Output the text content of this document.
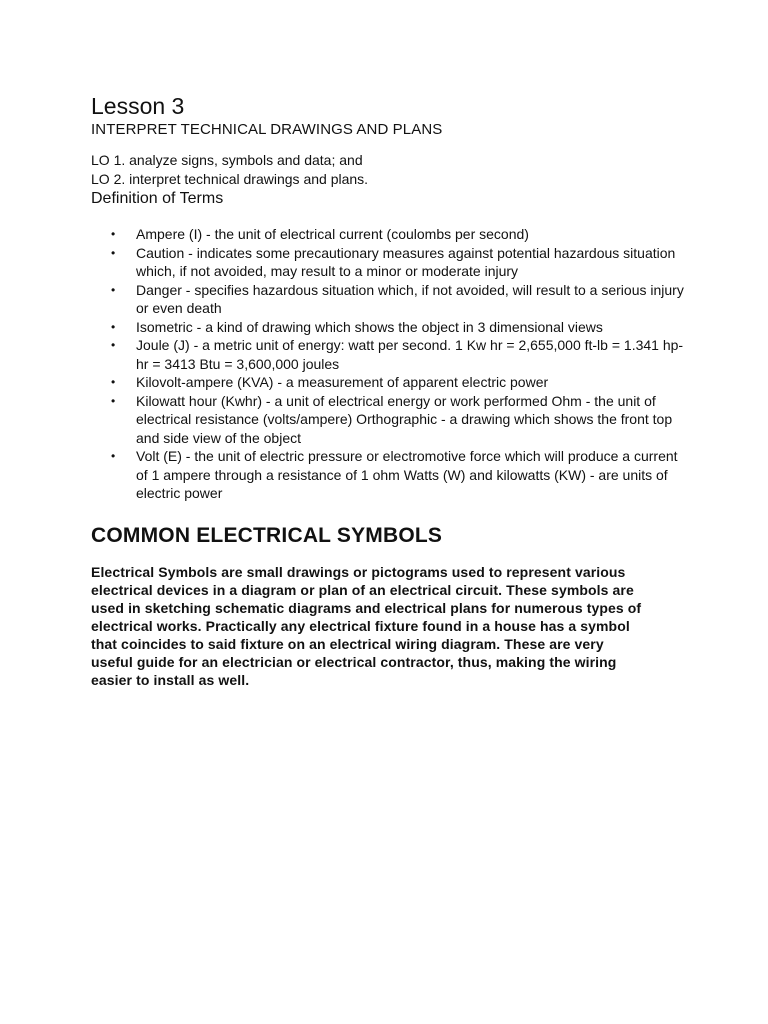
Lesson 3

INTERPRET TECHNICAL DRAWINGS AND PLANS

LO 1. analyze signs, symbols and data; and

LO 2. interpret technical drawings and plans.

Definition of Terms
• Ampere (I) - the unit of electrical current (coulombs per second)
• Caution - indicates some precautionary measures against potential hazardous situation which, if not avoided, may result to a minor or moderate injury
• Danger - specifies hazardous situation which, if not avoided, will result to a serious injury or even death
• Isometric - a kind of drawing which shows the object in 3 dimensional views
• Joule (J) - a metric unit of energy: watt per second. 1 Kw hr = 2,655,000 ft-lb = 1.341 hp-hr = 3413 Btu = 3,600,000 joules
• Kilovolt-ampere (KVA) - a measurement of apparent electric power
• Kilowatt hour (Kwhr) - a unit of electrical energy or work performed Ohm - the unit of electrical resistance (volts/ampere) Orthographic - a drawing which shows the front top and side view of the object
• Volt (E) - the unit of electric pressure or electromotive force which will produce a current of 1 ampere through a resistance of 1 ohm Watts (W) and kilowatts (KW) - are units of electric power
COMMON ELECTRICAL SYMBOLS

Electrical Symbols are small drawings or pictograms used to represent various electrical devices in a diagram or plan of an electrical circuit. These symbols are used in sketching schematic diagrams and electrical plans for numerous types of electrical works. Practically any electrical fixture found in a house has a symbol that coincides to said fixture on an electrical wiring diagram. These are very useful guide for an electrician or electrical contractor, thus, making the wiring easier to install as well.
